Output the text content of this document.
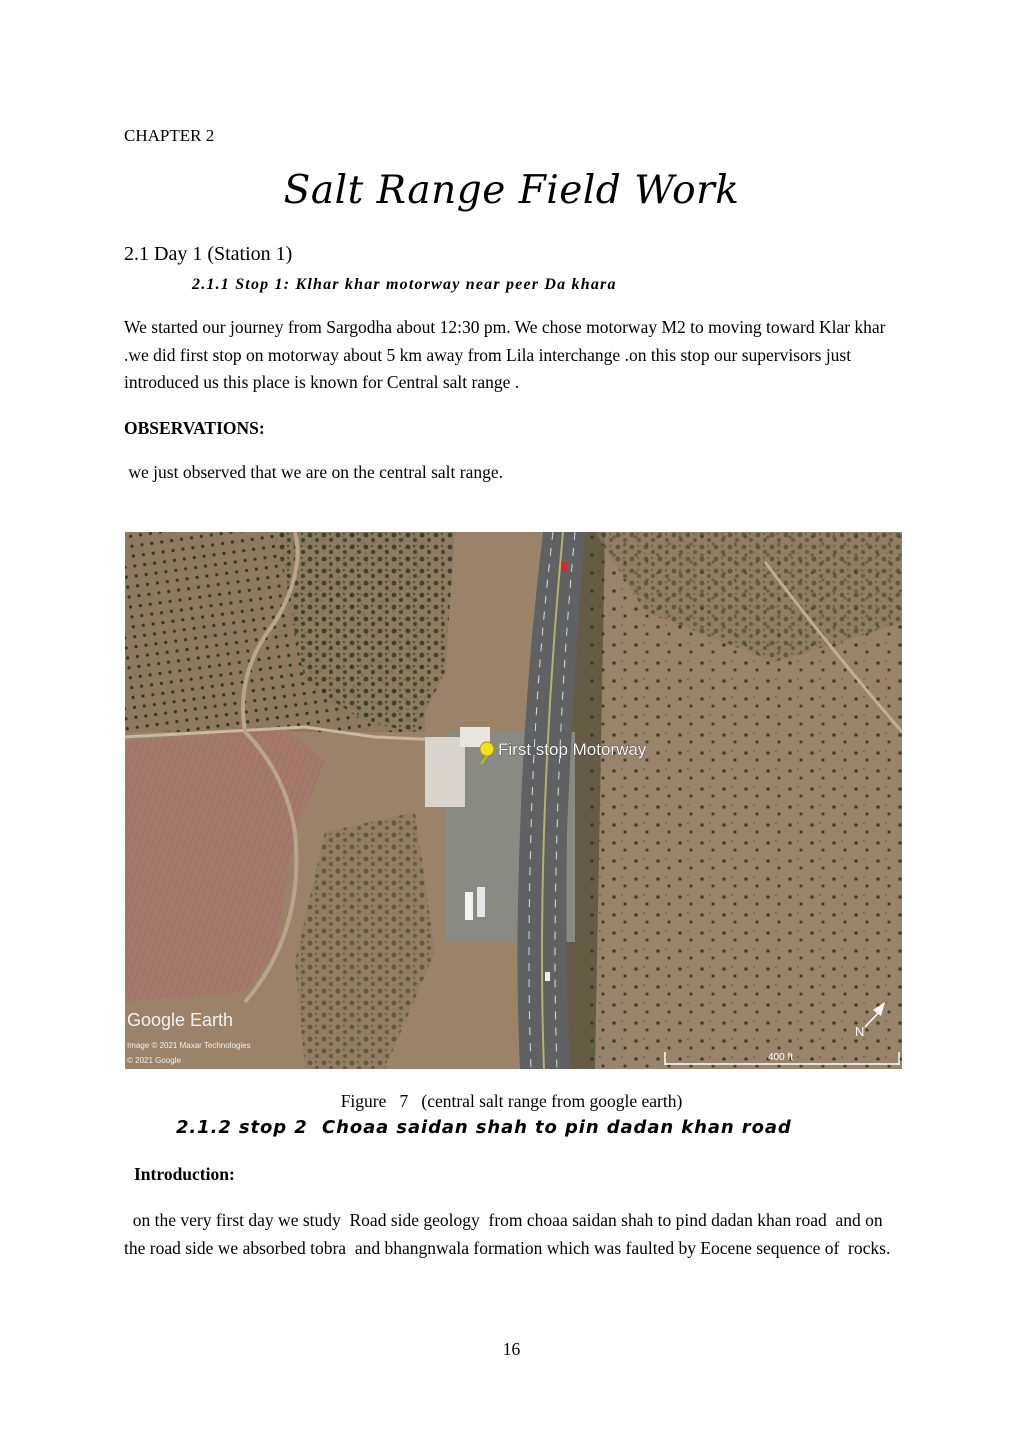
CHAPTER 2
Salt Range Field Work
2.1 Day 1 (Station 1)
2.1.1 Stop 1: Klhar khar motorway near peer Da khara
We started our journey from Sargodha about 12:30 pm. We chose motorway M2 to moving toward Klar khar .we did first stop on motorway about 5 km away from Lila interchange .on this stop our supervisors just introduced us this place is known for Central salt range .
OBSERVATIONS:
we just observed that we are on the central salt range.
First stop Motorway
Google Earth
Image © 2021 Maxar Technologies
© 2021 Google
N
400 ft
Figure   7   (central salt range from google earth)
2.1.2 stop 2  Choaa saidan shah to pin dadan khan road
Introduction:
on the very first day we study  Road side geology  from choaa saidan shah to pind dadan khan road  and on the road side we absorbed tobra  and bhangnwala formation which was faulted by Eocene sequence of  rocks.
16
